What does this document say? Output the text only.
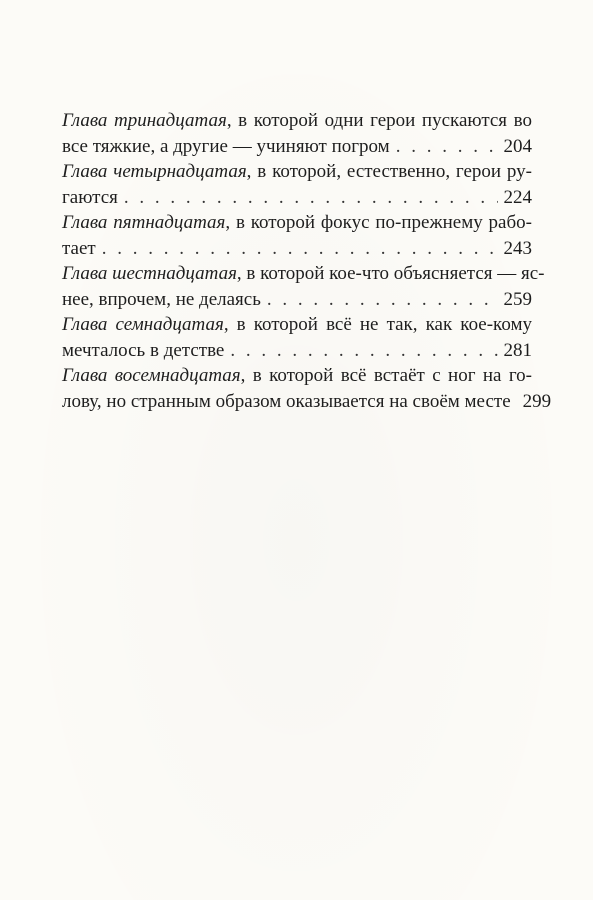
Глава тринадцатая, в которой одни герои пускаются во
все тяжкие, а другие — учиняют погром . . .	204
Глава четырнадцатая, в которой, естественно, герои ру-
гаются . . .	224
Глава пятнадцатая, в которой фокус по-прежнему рабо-
тает . . .	243
Глава шестнадцатая, в которой кое-что объясняется — яс-
нее, впрочем, не делаясь . . .	259
Глава семнадцатая, в которой всё не так, как кое-кому
мечталось в детстве . . .	281
Глава восемнадцатая, в которой всё встаёт с ног на го-
лову, но странным образом оказывается на своём месте 299
